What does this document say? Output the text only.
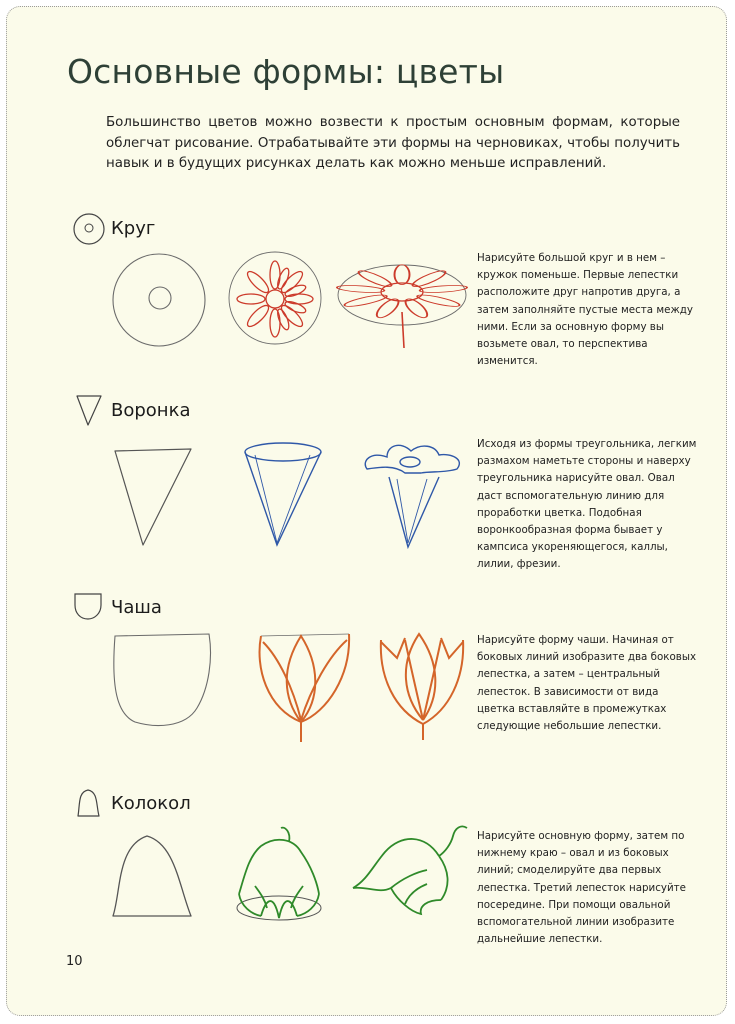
Основные формы: цветы
Большинство цветов можно возвести к простым основным формам, которые облегчат рисование. Отрабатывайте эти формы на черновиках, чтобы получить навык и в будущих рисунках делать как можно меньше исправлений.
Круг
Нарисуйте большой круг и в нем – кружок поменьше. Первые лепестки расположите друг напротив друга, а затем заполняйте пустые места между ними. Если за основную форму вы возьмете овал, то перспектива изменится.
Воронка
Исходя из формы треугольника, легким размахом наметьте стороны и наверху треугольника нарисуйте овал. Овал даст вспомогательную линию для проработки цветка. Подобная воронкообразная форма бывает у кампсиса укореняющегося, каллы, лилии, фрезии.
Чаша
Нарисуйте форму чаши. Начиная от боковых линий изобразите два боковых лепестка, а затем – центральный лепесток. В зависимости от вида цветка вставляйте в промежутках следующие небольшие лепестки.
Колокол
Нарисуйте основную форму, затем по нижнему краю – овал и из боковых линий; смоделируйте два первых лепестка. Третий лепесток нарисуйте посередине. При помощи овальной вспомогательной линии изобразите дальнейшие лепестки.
10
